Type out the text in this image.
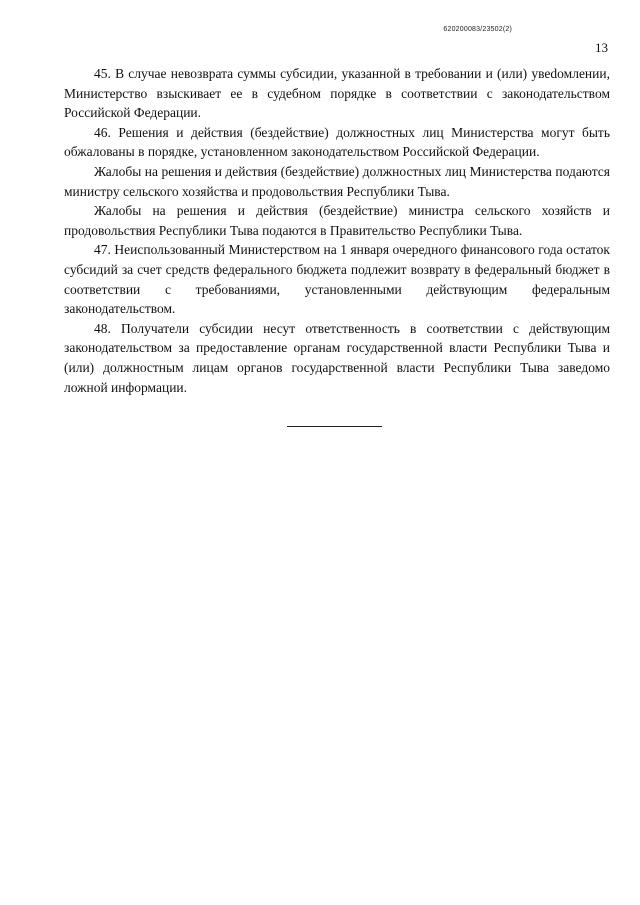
620200083/23502(2)
13

45. В случае невозврата суммы субсидии, указанной в требовании и (или) увеdомлении, Министерство взыскивает ее в судебном порядке в соответствии с законодательством Российской Федерации.

46. Решения и действия (бездействие) должностных лиц Министерства могут быть обжалованы в порядке, установленном законодательством Российской Федерации.

Жалобы на решения и действия (бездействие) должностных лиц Министерства подаются министру сельского хозяйства и продовольствия Республики Тыва.

Жалобы на решения и действия (бездействие) министра сельского хозяйств и продовольствия Республики Тыва подаются в Правительство Республики Тыва.

47. Неиспользованный Министерством на 1 января очередного финансового года остаток субсидий за счет средств федерального бюджета подлежит возврату в федеральный бюджет в соответствии с требованиями, установленными действующим федеральным законодательством.

48. Получатели субсидии несут ответственность в соответствии с действующим законодательством за предоставление органам государственной власти Республики Тыва и (или) должностным лицам органов государственной власти Республики Тыва заведомо ложной информации.
